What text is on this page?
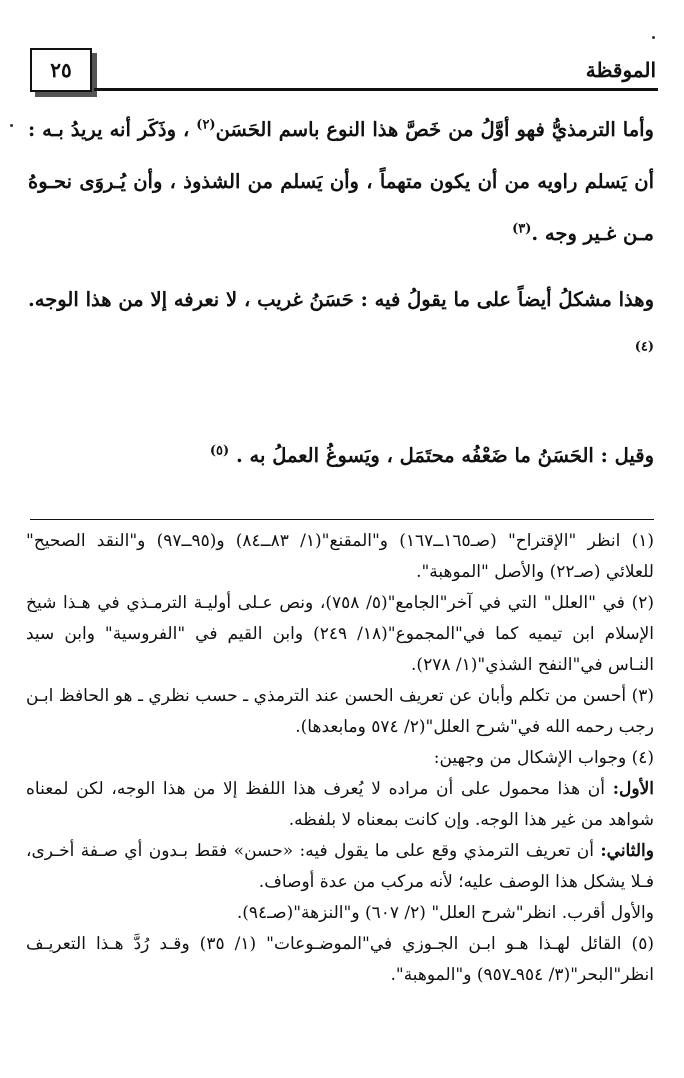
٢٥	الموقظة

وأما الترمذيُّ فهو أوَّلُ من خَصَّ هذا النوع باسم الحَسَن$^{(٢)}$ ، وذَكَر أنه يريدُ بـه : أن يَسلم راويه من أن يكون متهماً ، وأن يَسلم من الشذوذ ، وأن يُـروَى نحـوهُ مـن غـير وجه .$^{(٣)}$

وهذا مشكلُ أيضاً على ما يقولُ فيه : حَسَنُ غريب ، لا نعرفه إلا من هذا الوجه.$^{(٤)}$

وقيل : الحَسَنُ ما ضَعْفُه محتَمَل ، ويَسوغُ العملُ به . $^{(٥)}$

(١) انظر "الإقتراح" (صـ١٦٥ــ١٦٧) و"المقنع"(١/ ٨٣ــ٨٤) و(٩٥ــ٩٧) و"النقد الصحيح" للعلائي (صـ٢٢) والأصل "الموهبة".

(٢) في "العلل" التي في آخر"الجامع"(٥/ ٧٥٨)، ونص عـلى أوليـة الترمـذي في هـذا شيخ الإسلام ابن تيميه كما في"المجموع"(١٨/ ٢٤٩) وابن القيم في "الفروسية" وابن سيد النـاس في"النفح الشذي"(١/ ٢٧٨).

(٣) أحسن من تكلم وأبان عن تعريف الحسن عند الترمذي ـ حسب نظري ـ هو الحافظ ابـن رجب رحمه الله في"شرح العلل"(٢/ ٥٧٤ ومابعدها).

(٤) وجواب الإشكال من وجهين:

الأول: أن هذا محمول على أن مراده لا يُعرف هذا اللفظ إلا من هذا الوجه، لكن لمعناه شواهد من غير هذا الوجه. وإن كانت بمعناه لا بلفظه.

والثاني: أن تعريف الترمذي وقع على ما يقول فيه: «حسن» فقط بـدون أي صـفة أخـرى، فـلا يشكل هذا الوصف عليه؛ لأنه مركب من عدة أوصاف.

والأول أقرب. انظر"شرح العلل" (٢/ ٦٠٧) و"النزهة"(صـ٩٤).

(٥) القائل لهـذا هـو ابـن الجـوزي في"الموضـوعات" (١/ ٣٥) وقـد رُدَّ هـذا التعريـف انظر"البحر"(٣/ ٩٥٤ـ٩٥٧) و"الموهبة".
